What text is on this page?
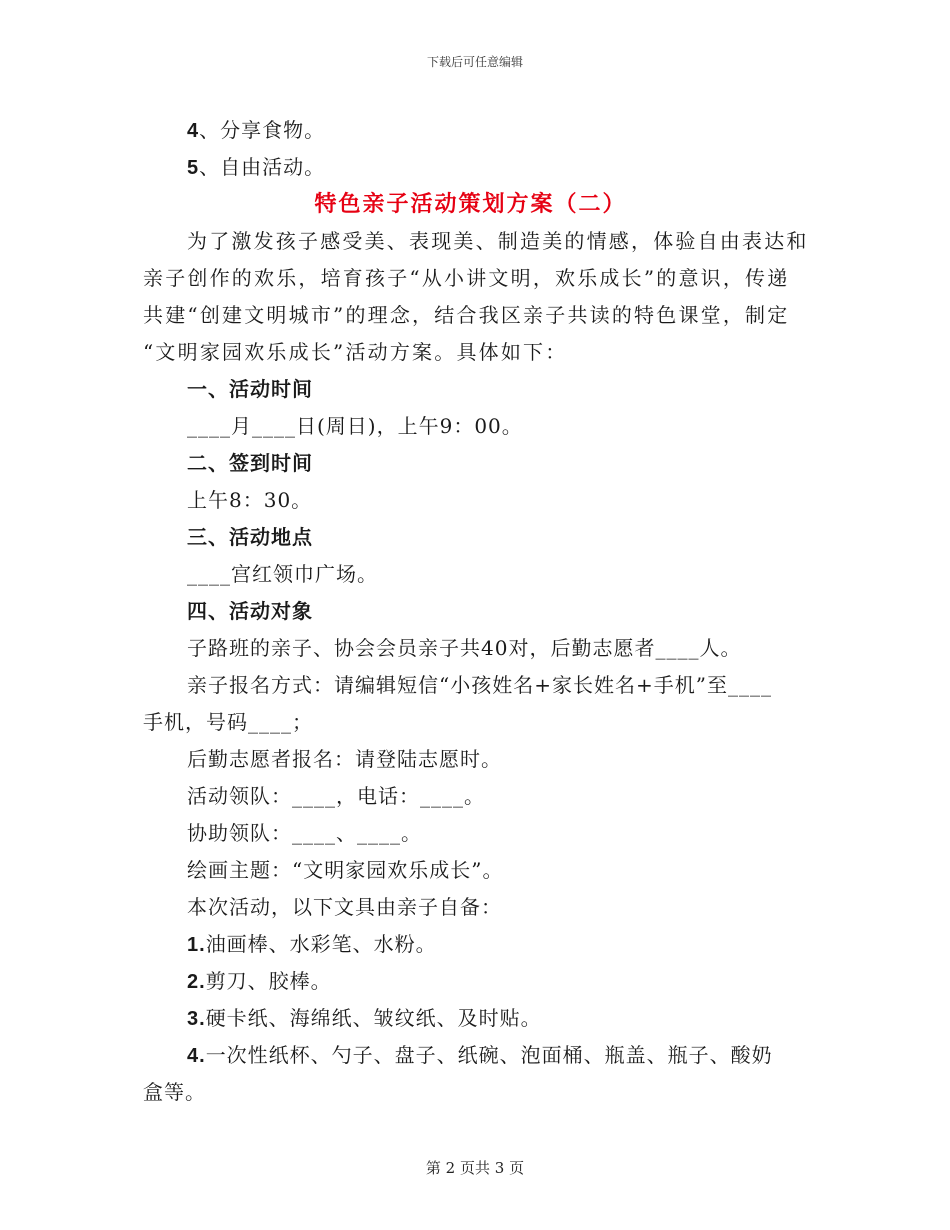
下载后可任意编辑
4、分享食物。
5、自由活动。
特色亲子活动策划方案（二）
为了激发孩子感受美、表现美、制造美的情感，体验自由表达和
亲子创作的欢乐，培育孩子“从小讲文明，欢乐成长”的意识，传递
共建“创建文明城市”的理念，结合我区亲子共读的特色课堂，制定
“文明家园欢乐成长”活动方案。具体如下：
一、活动时间
____月____日(周日)，上午9：00。
二、签到时间
上午8：30。
三、活动地点
____宫红领巾广场。
四、活动对象
子路班的亲子、协会会员亲子共40对，后勤志愿者____人。
亲子报名方式：请编辑短信“小孩姓名+家长姓名+手机”至____
手机，号码____；
后勤志愿者报名：请登陆志愿时。
活动领队：____，电话：____。
协助领队：____、____。
绘画主题：“文明家园欢乐成长”。
本次活动，以下文具由亲子自备：
1.油画棒、水彩笔、水粉。
2.剪刀、胶棒。
3.硬卡纸、海绵纸、皱纹纸、及时贴。
4.一次性纸杯、勺子、盘子、纸碗、泡面桶、瓶盖、瓶子、酸奶
盒等。
第 2 页共 3 页
